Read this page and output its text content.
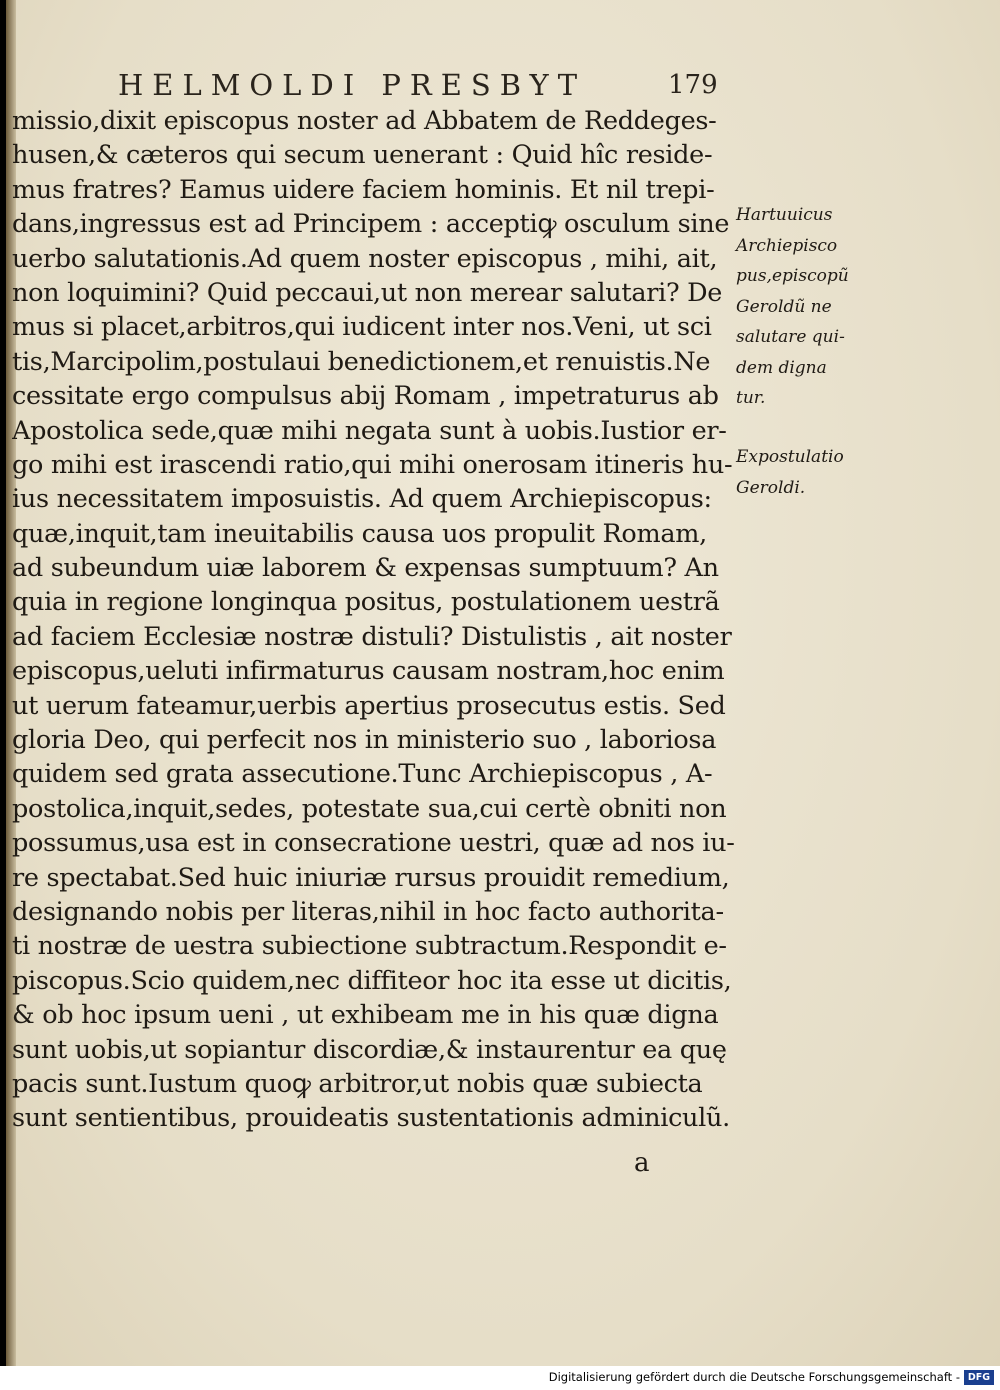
HELMOLDI PRESBYT	179
missio,dixit episcopus noster ad Abbatem de Reddeges-
husen,& cæteros qui secum uenerant : Quid hîc reside-
mus fratres? Eamus uidere faciem hominis. Et nil trepi-
dans,ingressus est ad Principem : acceptiꝙ osculum sine
uerbo salutationis.Ad quem noster episcopus , mihi, ait,
non loquimini? Quid peccaui,ut non merear salutari? De
mus si placet,arbitros,qui iudicent inter nos.Veni, ut sci
tis,Marcipolim,postulaui benedictionem,et renuistis.Ne
cessitate ergo compulsus abij Romam , impetraturus ab
Apostolica sede,quæ mihi negata sunt à uobis.Iustior er-
go mihi est irascendi ratio,qui mihi onerosam itineris hu-
ius necessitatem imposuistis. Ad quem Archiepiscopus:
quæ,inquit,tam ineuitabilis causa uos propulit Romam,
ad subeundum uiæ laborem & expensas sumptuum? An
quia in regione longinqua positus, postulationem uestrã
ad faciem Ecclesiæ nostræ distuli? Distulistis , ait noster
episcopus,ueluti infirmaturus causam nostram,hoc enim
ut uerum fateamur,uerbis apertius prosecutus estis. Sed
gloria Deo, qui perfecit nos in ministerio suo , laboriosa
quidem sed grata assecutione.Tunc Archiepiscopus , A-
postolica,inquit,sedes, potestate sua,cui certè obniti non
possumus,usa est in consecratione uestri, quæ ad nos iu-
re spectabat.Sed huic iniuriæ rursus prouidit remedium,
designando nobis per literas,nihil in hoc facto authorita-
ti nostræ de uestra subiectione subtractum.Respondit e-
piscopus.Scio quidem,nec diffiteor hoc ita esse ut dicitis,
& ob hoc ipsum ueni , ut exhibeam me in his quæ digna
sunt uobis,ut sopiantur discordiæ,& instaurentur ea quę
pacis sunt.Iustum quoꝙ arbitror,ut nobis quæ subiecta
sunt sentientibus, prouideatis sustentationis adminiculũ.
Hartuuicus
Archiepisco
pus,episcopũ
Geroldũ ne
salutare qui-
dem digna
tur.
Expostulatio
Geroldi.
a
Digitalisierung gefördert durch die Deutsche Forschungsgemeinschaft - DFG
